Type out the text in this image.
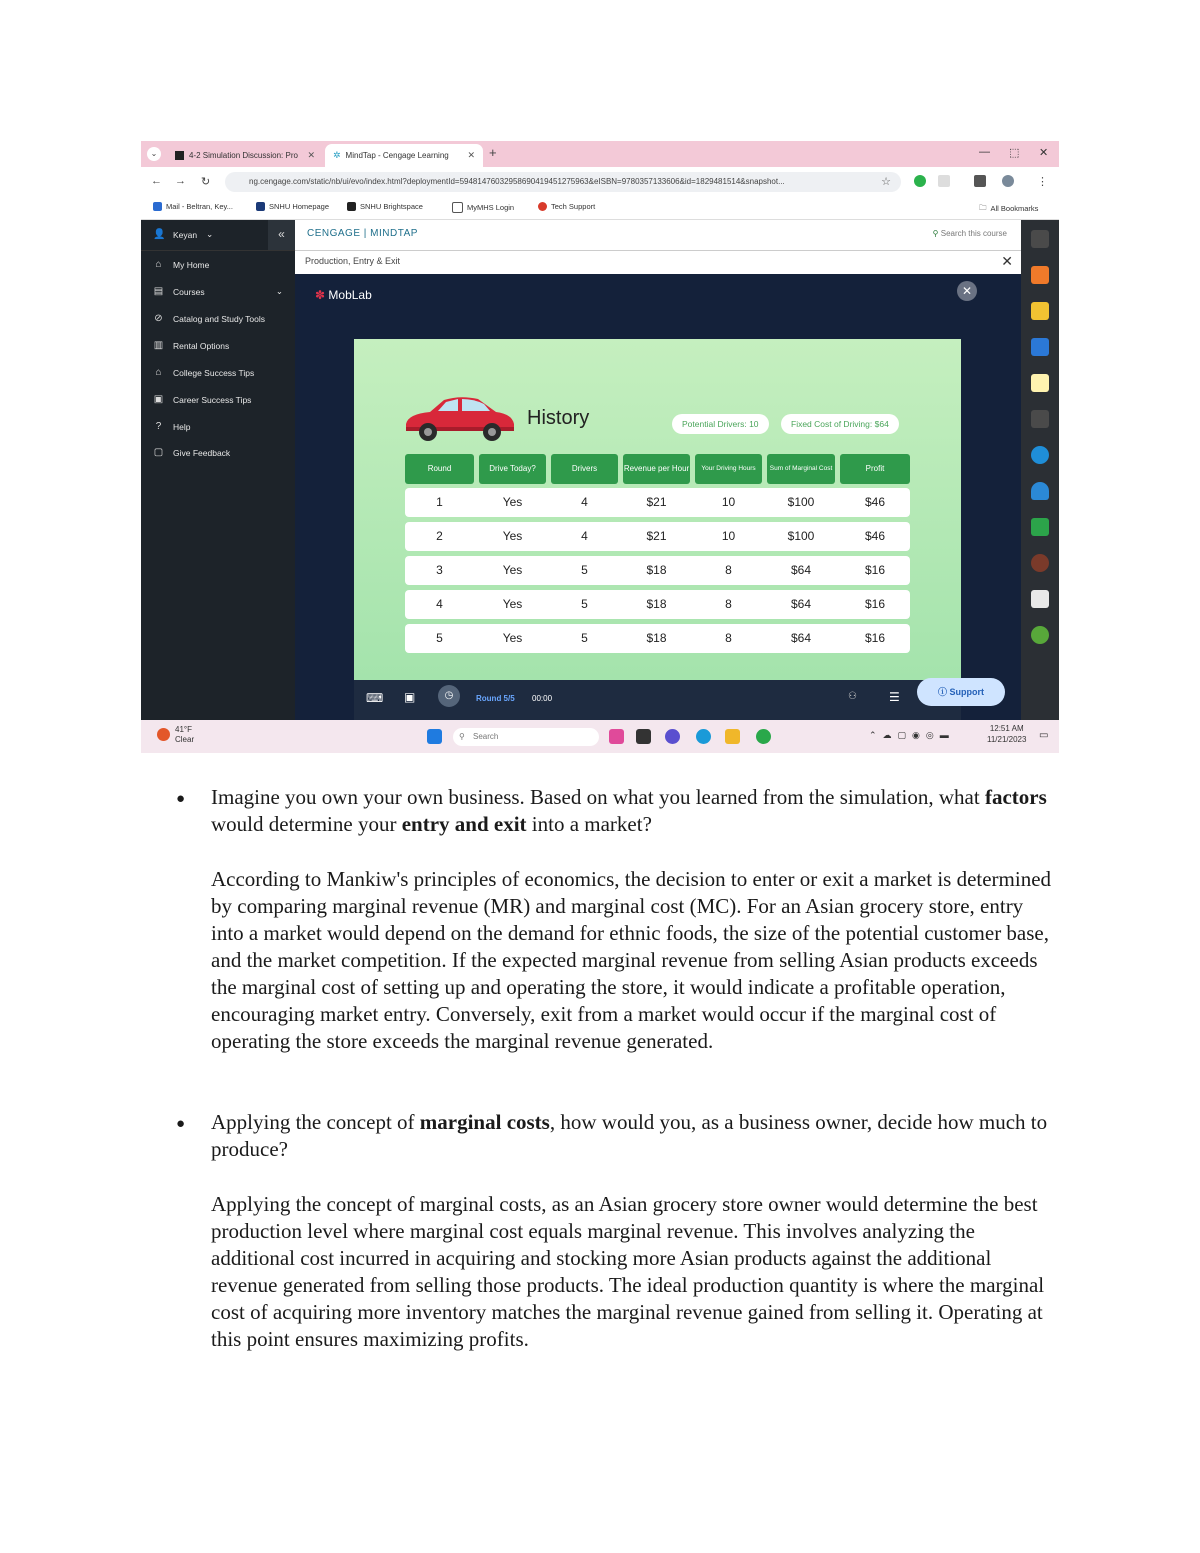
⌄	4-2 Simulation Discussion: Pro ✕ ✲ MindTap - Cengage Learning ✕ +	— ⬚ ✕
← → ↻	ng.cengage.com/static/nb/ui/evo/index.html?deploymentId=59481476032958690419451275963&eISBN=9780357133606&id=1829481514&snapshot...	☆	⋮
Mail - Beltran, Key...	SNHU Homepage	SNHU Brightspace	MyMHS Login	Tech Support	🗀 All Bookmarks
👤 Keyan ⌄	«
⌂ My Home
▤ Courses	⌄
⊘ Catalog and Study Tools
▥ Rental Options
⌂ College Success Tips
▣ Career Success Tips
?	Help
▢ Give Feedback
CENGAGE | MINDTAP	⚲ Search this course
Production, Entry & Exit	✕
✽ MobLab	✕
History	Potential Drivers: 10	Fixed Cost of Driving: $64
Round	Drive Today?	Drivers	Revenue per Hour	Your Driving Hours	Sum of Marginal Cost	Profit
1	Yes	4	$21	10	$100	$46
2	Yes	4	$21	10	$100	$46
3	Yes	5	$18	8	$64	$16
4	Yes	5	$18	8	$64	$16
5	Yes	5	$18	8	$64	$16
⌨ ▣	◷	Round 5/5 00:00	⚇	☰	ⓘ Support
41°F
Clear	⚲ Search	⌃☁▢◉◎▬
12:51 AM
11/21/2023 ▭
●	Imagine you own your own business. Based on what you learned from the simulation, what factors would determine your entry and exit into a market?
According to Mankiw's principles of economics, the decision to enter or exit a market is determined by comparing marginal revenue (MR) and marginal cost (MC). For an Asian grocery store, entry into a market would depend on the demand for ethnic foods, the size of the potential customer base, and the market competition. If the expected marginal revenue from selling Asian products exceeds the marginal cost of setting up and operating the store, it would indicate a profitable operation, encouraging market entry. Conversely, exit from a market would occur if the marginal cost of operating the store exceeds the marginal revenue generated.
●	Applying the concept of marginal costs, how would you, as a business owner, decide how much to produce?
Applying the concept of marginal costs, as an Asian grocery store owner would determine the best production level where marginal cost equals marginal revenue. This involves analyzing the additional cost incurred in acquiring and stocking more Asian products against the additional revenue generated from selling those products. The ideal production quantity is where the marginal cost of acquiring more inventory matches the marginal revenue gained from selling it. Operating at this point ensures maximizing profits.
